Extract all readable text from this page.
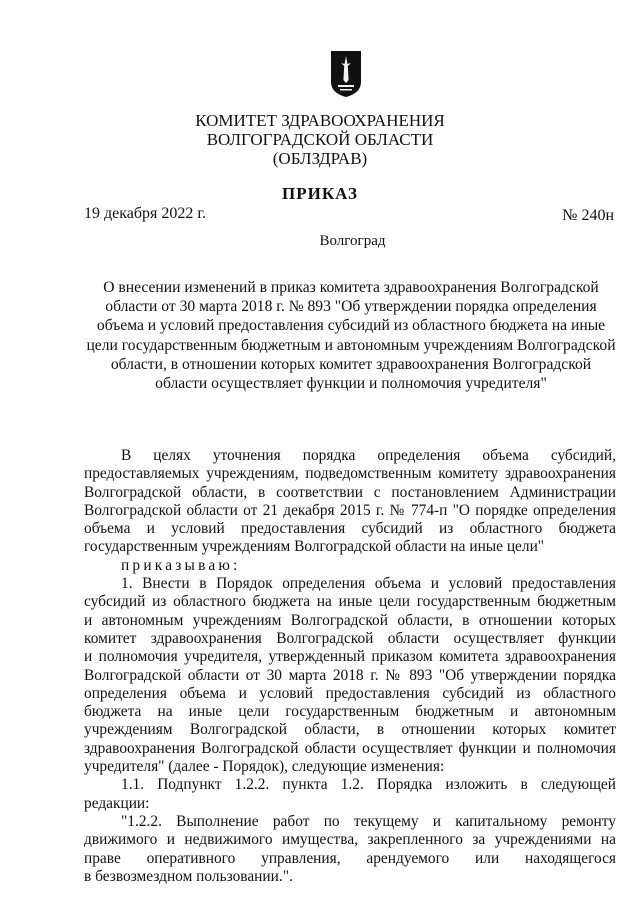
КОМИТЕТ ЗДРАВООХРАНЕНИЯ
ВОЛГОГРАДСКОЙ ОБЛАСТИ
(ОБЛЗДРАВ)
ПРИКАЗ
19 декабря 2022 г.	№ 240н
Волгоград
О внесении изменений в приказ комитета здравоохранения Волгоградской
области от 30 марта 2018 г. № 893 "Об утверждении порядка определения
объема и условий предоставления субсидий из областного бюджета на иные
цели государственным бюджетным и автономным учреждениям Волгоградской
области, в отношении которых комитет здравоохранения Волгоградской
области осуществляет функции и полномочия учредителя"

В целях уточнения порядка определения объема субсидий,

предоставляемых учреждениям, подведомственным комитету здравоохранения

Волгоградской области, в соответствии с постановлением Администрации

Волгоградской области от 21 декабря 2015 г. № 774-п "О порядке определения

объема и условий предоставления субсидий из областного бюджета

государственным учреждениям Волгоградской области на иные цели"

приказываю:

1. Внести в Порядок определения объема и условий предоставления

субсидий из областного бюджета на иные цели государственным бюджетным

и автономным учреждениям Волгоградской области, в отношении которых

комитет здравоохранения Волгоградской области осуществляет функции

и полномочия учредителя, утвержденный приказом комитета здравоохранения

Волгоградской области от 30 марта 2018 г. № 893 "Об утверждении порядка

определения объема и условий предоставления субсидий из областного

бюджета на иные цели государственным бюджетным и автономным

учреждениям Волгоградской области, в отношении которых комитет

здравоохранения Волгоградской области осуществляет функции и полномочия

учредителя" (далее - Порядок), следующие изменения:

1.1. Подпункт 1.2.2. пункта 1.2. Порядка изложить в следующей

редакции:

"1.2.2. Выполнение работ по текущему и капитальному ремонту

движимого и недвижимого имущества, закрепленного за учреждениями на

праве оперативного управления, арендуемого или находящегося

в безвозмездном пользовании.".
